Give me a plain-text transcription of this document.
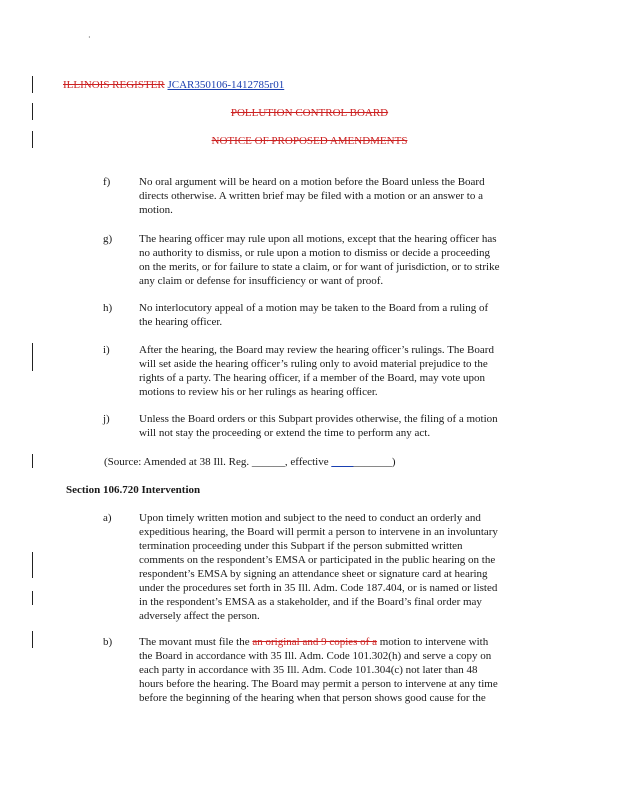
·
ILLINOIS REGISTER JCAR350106-1412785r01
POLLUTION CONTROL BOARD
NOTICE OF PROPOSED AMENDMENTS
f)	No oral argument will be heard on a motion before the Board unless the Board
directs otherwise. A written brief may be filed with a motion or an answer to a
motion.
g) The hearing officer may rule upon all motions, except that the hearing officer has
no authority to dismiss, or rule upon a motion to dismiss or decide a proceeding
on the merits, or for failure to state a claim, or for want of jurisdiction, or to strike
any claim or defense for insufficiency or want of proof.
h) No interlocutory appeal of a motion may be taken to the Board from a ruling of
the hearing officer.
i)	After the hearing, the Board may review the hearing officer’s rulings. The Board
will set aside the hearing officer’s ruling only to avoid material prejudice to the
rights of a party. The hearing officer, if a member of the Board, may vote upon
motions to review his or her rulings as hearing officer.
j)	Unless the Board orders or this Subpart provides otherwise, the filing of a motion
will not stay the proceeding or extend the time to perform any act.
(Source: Amended at 38 Ill. Reg. ______, effective ___________)
Section 106.720 Intervention
a) Upon timely written motion and subject to the need to conduct an orderly and
expeditious hearing, the Board will permit a person to intervene in an involuntary
termination proceeding under this Subpart if the person submitted written
comments on the respondent’s EMSA or participated in the public hearing on the
respondent’s EMSA by signing an attendance sheet or signature card at hearing
under the procedures set forth in 35 Ill. Adm. Code 187.404, or is named or listed
in the respondent’s EMSA as a stakeholder, and if the Board’s final order may
adversely affect the person.
b) The movant must file the an original and 9 copies of a motion to intervene with
the Board in accordance with 35 Ill. Adm. Code 101.302(h) and serve a copy on
each party in accordance with 35 Ill. Adm. Code 101.304(c) not later than 48
hours before the hearing. The Board may permit a person to intervene at any time
before the beginning of the hearing when that person shows good cause for the
